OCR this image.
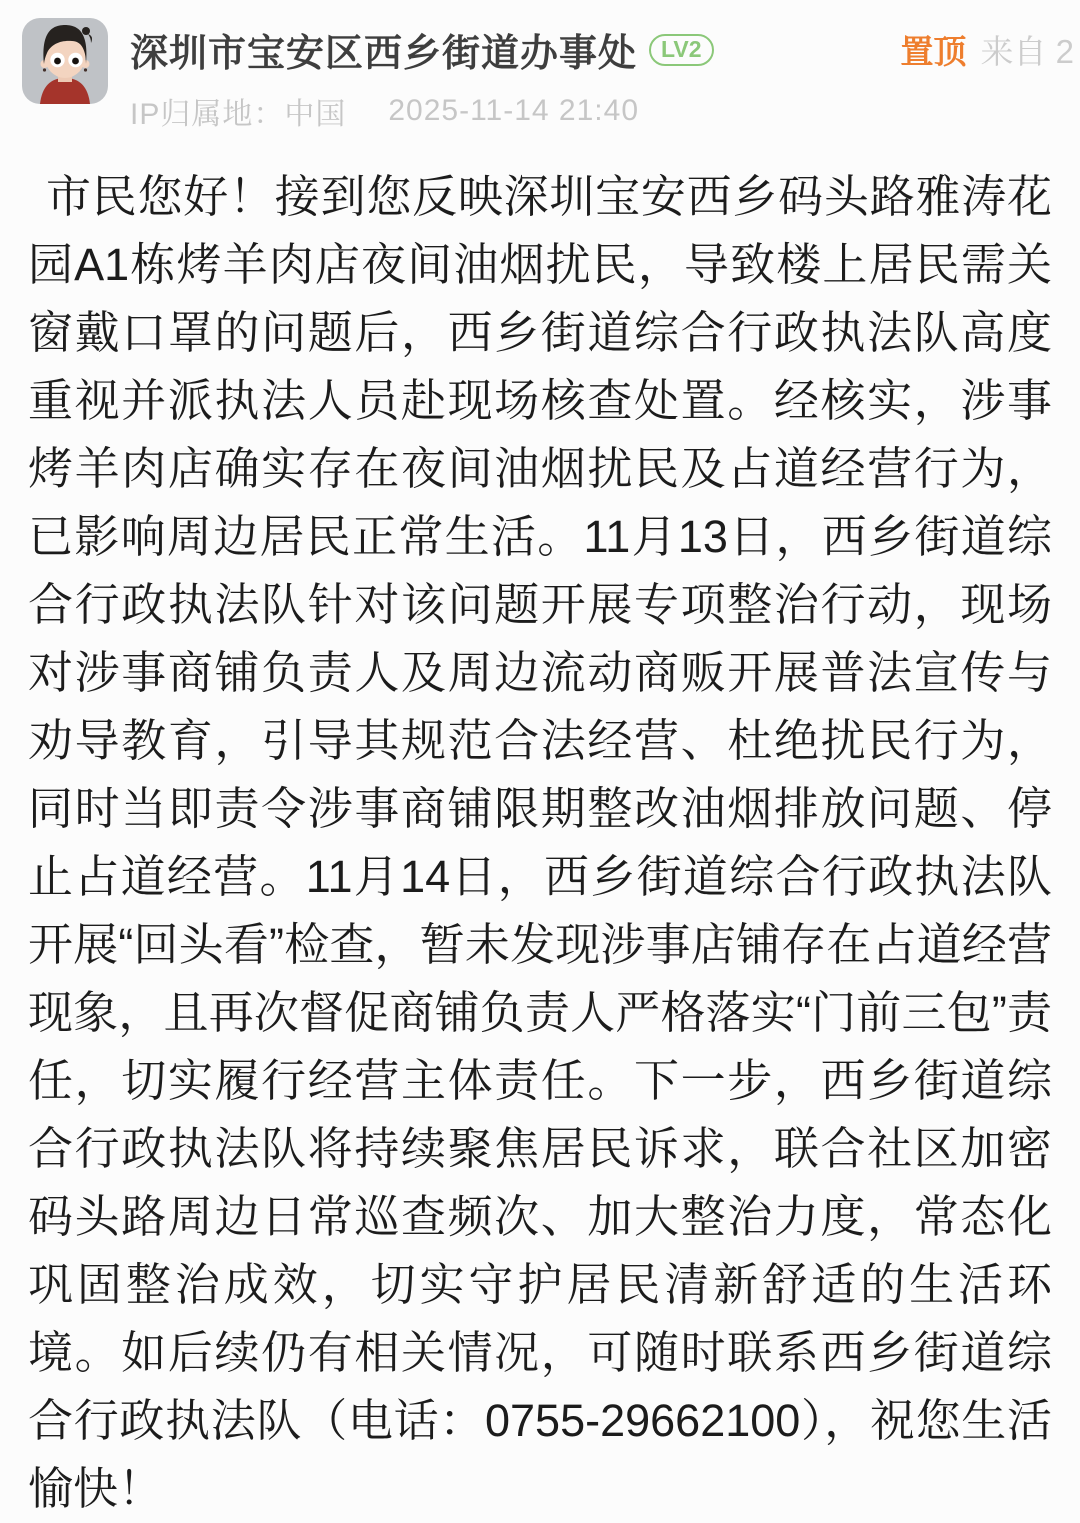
深圳市宝安区西乡街道办事处	LV2	置顶 来自 2
IP归属地：中国 2025-11-14 21:40
市民您好！接到您反映深圳宝安西乡码头路雅涛花园A1栋烤羊肉店夜间油烟扰民，导致楼上居民需关窗戴口罩的问题后，西乡街道综合行政执法队高度重视并派执法人员赴现场核查处置。经核实，涉事烤羊肉店确实存在夜间油烟扰民及占道经营行为，已影响周边居民正常生活。11月13日，西乡街道综合行政执法队针对该问题开展专项整治行动，现场对涉事商铺负责人及周边流动商贩开展普法宣传与劝导教育，引导其规范合法经营、杜绝扰民行为，同时当即责令涉事商铺限期整改油烟排放问题、停止占道经营。11月14日，西乡街道综合行政执法队开展“回头看”检查，暂未发现涉事店铺存在占道经营现象，且再次督促商铺负责人严格落实“门前三包”责任，切实履行经营主体责任。下一步，西乡街道综合行政执法队将持续聚焦居民诉求，联合社区加密码头路周边日常巡查频次、加大整治力度，常态化巩固整治成效，切实守护居民清新舒适的生活环境。如后续仍有相关情况，可随时联系西乡街道综合行政执法队（电话：0755-29662100），祝您生活愉快！
